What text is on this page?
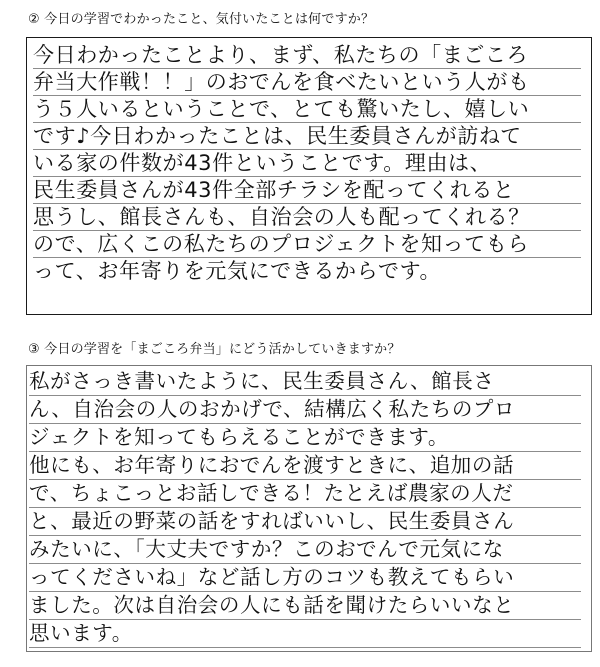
② 今日の学習でわかったこと、気付いたことは何ですか？
今日わかったことより、まず、私たちの「まごころ
弁当大作戦！！」のおでんを食べたいという人がも
う５人いるということで、とても驚いたし、嬉しい
です♪今日わかったことは、民生委員さんが訪ねて
いる家の件数が43件ということです。理由は、
民生委員さんが43件全部チラシを配ってくれると
思うし、館長さんも、自治会の人も配ってくれる？
ので、広くこの私たちのプロジェクトを知ってもら
って、お年寄りを元気にできるからです。
③ 今日の学習を「まごころ弁当」にどう活かしていきますか？
私がさっき書いたように、民生委員さん、館長さ
ん、自治会の人のおかげで、結構広く私たちのプロ
ジェクトを知ってもらえることができます。
他にも、お年寄りにおでんを渡すときに、追加の話
で、ちょこっとお話しできる！たとえば農家の人だ
と、最近の野菜の話をすればいいし、民生委員さん
みたいに、「大丈夫ですか？このおでんで元気にな
ってくださいね」など話し方のコツも教えてもらい
ました。次は自治会の人にも話を聞けたらいいなと
思います。
